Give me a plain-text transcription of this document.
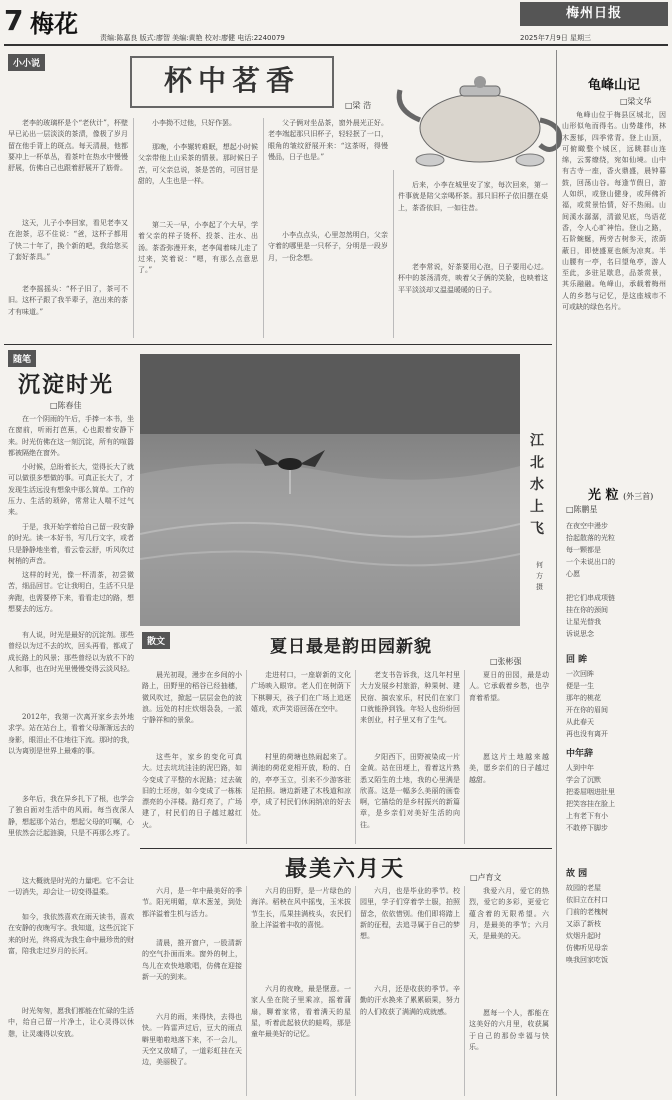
7 梅花	责编:陈嘉良 版式:廖智 美编:黄艳 校对:廖健 电话:2240079
梅州日报
2025年7月9日 星期三
小小说	杯中茗香
□梁 浩
老李的玻璃杯是个“老伙计”，杯壁早已沁出一层淡淡的茶渍，像极了岁月留在他手背上的斑点。每天清晨，他都要冲上一杯单丛，看茶叶在热水中慢慢舒展，仿佛自己也跟着舒展开了筋骨。
这天，儿子小李回家，看见老李又在泡茶，忍不住说：“爸，这杯子都用了快二十年了，换个新的吧，我给您买了套好茶具。”
老李摇摇头：“杯子旧了，茶可不旧。这杯子跟了我半辈子，泡出来的茶才有味道。”
小李拗不过他，只好作罢。
那晚，小李辗转难眠，想起小时候父亲带他上山采茶的情景。那时候日子苦，可父亲总说，茶是苦的，可回甘是甜的，人生也是一样。
第二天一早，小李起了个大早，学着父亲的样子烫杯、投茶、注水、出汤。茶香弥漫开来，老李闻着味儿走了过来，笑着说：“嗯，有那么点意思了。”
父子俩对坐品茶，窗外晨光正好。老李端起那只旧杯子，轻轻抿了一口，眼角的皱纹舒展开来：“这茶呀，得慢慢品，日子也是。”
小李点点头，心里忽然明白，父亲守着的哪里是一只杯子，分明是一段岁月，一份念想。
后来，小李在城里安了家，每次回来，第一件事就是陪父亲喝杯茶。那只旧杯子依旧摆在桌上，茶香依旧，一如往昔。
老李常说，好茶要用心泡，日子要用心过。杯中的茶汤清亮，映着父子俩的笑脸，也映着这平平淡淡却又温温暖暖的日子。
随笔
沉淀时光
□陈春佳
在一个阴雨的午后，手捧一本书，坐在窗前，听雨打芭蕉，心也跟着安静下来。时光仿佛在这一刻沉淀，所有的喧嚣都被隔绝在窗外。
小时候，总盼着长大，觉得长大了就可以做很多想做的事。可真正长大了，才发现生活远没有想象中那么简单。工作的压力、生活的琐碎，常常让人喘不过气来。
于是，我开始学着给自己留一段安静的时光。读一本好书，写几行文字，或者只是静静地坐着，看云卷云舒，听风吹过树梢的声音。
这样的时光，像一杯清茶，初尝微苦，细品回甘。它让我明白，生活不只是奔跑，也需要停下来，看看走过的路，想想要去的远方。
有人说，时光是最好的沉淀剂。那些曾经以为过不去的坎，回头再看，都成了成长路上的风景；那些曾经以为放不下的人和事，也在时光里慢慢变得云淡风轻。
2012年，我第一次离开家乡去外地求学。站在站台上，看着父母渐渐远去的身影，眼泪止不住地往下流。那时的我，以为离别是世界上最难的事。
多年后，我在异乡扎下了根，也学会了独自面对生活中的风雨。每当夜深人静，想起那个站台，想起父母的叮嘱，心里依然会泛起涟漪，只是不再那么疼了。
这大概就是时光的力量吧。它不会让一切消失，却会让一切变得温柔。
如今，我依然喜欢在雨天读书，喜欢在安静的夜晚写字。我知道，这些沉淀下来的时光，终将成为我生命中最珍贵的财富，陪我走过岁月的长河。
时光匆匆，愿我们都能在忙碌的生活中，给自己留一片净土，让心灵得以休憩，让灵魂得以安放。
江 北 水 上 飞
何 方 摄
散文	夏日最是韵田园新貌
□张彬强
晨光初现，漫步在乡间的小路上，田野里的稻谷已经抽穗，微风吹过，掀起一层层金色的波浪。远处的村庄炊烟袅袅，一派宁静祥和的景象。
这些年，家乡的变化可真大。过去坑坑洼洼的泥巴路，如今变成了平整的水泥路；过去破旧的土坯房，如今变成了一栋栋漂亮的小洋楼。路灯亮了，广场建了，村民们的日子越过越红火。
走进村口，一座崭新的文化广场映入眼帘。老人们在树荫下下棋聊天，孩子们在广场上追逐嬉戏，欢声笑语回荡在空中。
村里的荷塘也热闹起来了。满池的荷花竞相开放，粉的、白的，亭亭玉立，引来不少游客驻足拍照。塘边新建了木栈道和凉亭，成了村民们休闲纳凉的好去处。
老支书告诉我，这几年村里大力发展乡村旅游，种果树、建民宿、搞农家乐，村民们在家门口就能挣到钱。年轻人也纷纷回来创业，村子里又有了生气。
夕阳西下，田野被染成一片金黄。站在田埂上，看着这片熟悉又陌生的土地，我的心里满是欣喜。这是一幅多么美丽的画卷啊，它描绘的是乡村振兴的新篇章，是乡亲们对美好生活的向往。
夏日的田园，最是动人。它承载着乡愁，也孕育着希望。
愿这片土地越来越美，愿乡亲们的日子越过越甜。
最美六月天	□卢育文
六月，是一年中最美好的季节。阳光明媚，草木葱茏，到处都洋溢着生机与活力。
清晨，推开窗户，一股清新的空气扑面而来。窗外的树上，鸟儿在欢快地歌唱，仿佛在迎接新一天的到来。
六月的雨，来得快，去得也快。一阵雷声过后，豆大的雨点噼里啪啦地落下来，不一会儿，天空又放晴了，一道彩虹挂在天边，美丽极了。
六月的田野，是一片绿色的海洋。稻秧在风中摇曳，玉米拔节生长，瓜果挂满枝头，农民们脸上洋溢着丰收的喜悦。
六月的夜晚，最是惬意。一家人坐在院子里乘凉，摇着蒲扇，聊着家常，看着满天的星星，听着此起彼伏的蛙鸣，那是童年最美好的记忆。
六月，也是毕业的季节。校园里，学子们穿着学士服，拍照留念，依依惜别。他们即将踏上新的征程，去追寻属于自己的梦想。
六月，还是收获的季节。辛勤的汗水换来了累累硕果，努力的人们收获了满满的成就感。
我爱六月，爱它的热烈，爱它的多彩，更爱它蕴含着的无限希望。六月，是最美的季节；六月天，是最美的天。
愿每一个人，都能在这美好的六月里，收获属于自己的那份幸福与快乐。
龟峰山记
□梁文华
龟峰山位于梅县区城北，因山形似龟而得名。山势雄伟，林木葱郁，四季常青。登上山顶，可俯瞰整个城区，远眺群山连绵，云雾缭绕，宛如仙境。山中有古寺一座，香火鼎盛，晨钟暮鼓，回荡山谷。每逢节假日，游人如织，或登山健身，或拜佛祈福，或赏景怡情，好不热闹。山间溪水潺潺，清澈见底，鸟语花香，令人心旷神怡。登山之路，石阶蜿蜒，两旁古树参天，浓荫蔽日，即使盛夏也颇为凉爽。半山腰有一亭，名曰望龟亭，游人至此，多驻足歇息，品茶赏景，其乐融融。龟峰山，承载着梅州人的乡愁与记忆，是这座城市不可或缺的绿色名片。
光 粒 (外三首)
□陈鹏星
在夜空中漫步
拾起散落的光粒
每一颗都是
一个未说出口的
心愿

把它们串成项链
挂在你的颈间
让星光替我
诉说思念
回 眸
一次回眸
便是一生
那年的桃花
开在你的眉间
从此春天
再也没有离开
中年辞
人到中年
学会了沉默
把委屈咽进肚里
把笑容挂在脸上
上有老下有小
不敢停下脚步
故 园
故园的老屋
依旧立在村口
门前的老槐树
又添了新枝
炊烟升起时
仿佛听见母亲
唤我回家吃饭
